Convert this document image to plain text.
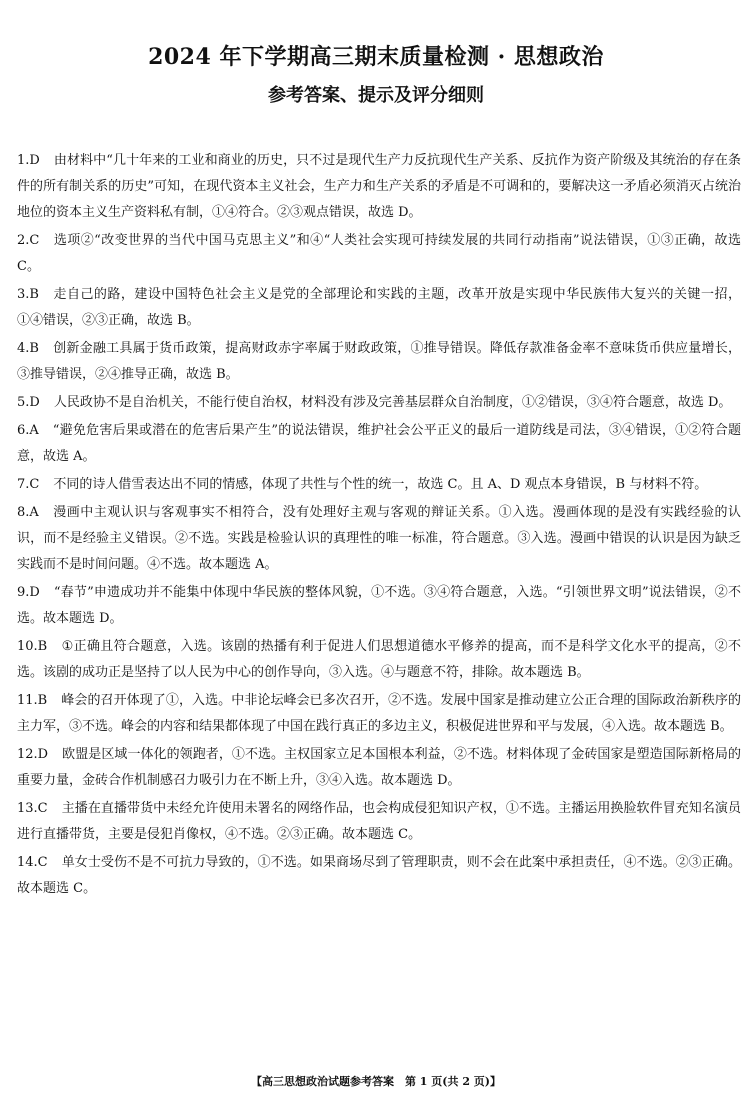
2024 年下学期高三期末质量检测 · 思想政治
参考答案、提示及评分细则
1.D 由材料中“几十年来的工业和商业的历史，只不过是现代生产力反抗现代生产关系、反抗作为资产阶级及其统治的存在条件的所有制关系的历史”可知，在现代资本主义社会，生产力和生产关系的矛盾是不可调和的，要解决这一矛盾必须消灭占统治地位的资本主义生产资料私有制，①④符合。②③观点错误，故选 D。
2.C 选项②“改变世界的当代中国马克思主义”和④“人类社会实现可持续发展的共同行动指南”说法错误，①③正确，故选 C。
3.B 走自己的路，建设中国特色社会主义是党的全部理论和实践的主题，改革开放是实现中华民族伟大复兴的关键一招，①④错误，②③正确，故选 B。
4.B 创新金融工具属于货币政策，提高财政赤字率属于财政政策，①推导错误。降低存款准备金率不意味货币供应量增长，③推导错误，②④推导正确，故选 B。
5.D 人民政协不是自治机关，不能行使自治权，材料没有涉及完善基层群众自治制度，①②错误，③④符合题意，故选 D。
6.A “避免危害后果或潜在的危害后果产生”的说法错误，维护社会公平正义的最后一道防线是司法，③④错误，①②符合题意，故选 A。
7.C 不同的诗人借雪表达出不同的情感，体现了共性与个性的统一，故选 C。且 A、D 观点本身错误，B 与材料不符。
8.A 漫画中主观认识与客观事实不相符合，没有处理好主观与客观的辩证关系。①入选。漫画体现的是没有实践经验的认识，而不是经验主义错误。②不选。实践是检验认识的真理性的唯一标准，符合题意。③入选。漫画中错误的认识是因为缺乏实践而不是时间问题。④不选。故本题选 A。
9.D “春节”申遗成功并不能集中体现中华民族的整体风貌，①不选。③④符合题意，入选。“引领世界文明”说法错误，②不选。故本题选 D。
10.B ①正确且符合题意，入选。该剧的热播有利于促进人们思想道德水平修养的提高，而不是科学文化水平的提高，②不选。该剧的成功正是坚持了以人民为中心的创作导向，③入选。④与题意不符，排除。故本题选 B。
11.B 峰会的召开体现了①，入选。中非论坛峰会已多次召开，②不选。发展中国家是推动建立公正合理的国际政治新秩序的主力军，③不选。峰会的内容和结果都体现了中国在践行真正的多边主义，积极促进世界和平与发展，④入选。故本题选 B。
12.D 欧盟是区域一体化的领跑者，①不选。主权国家立足本国根本利益，②不选。材料体现了金砖国家是塑造国际新格局的重要力量，金砖合作机制感召力吸引力在不断上升，③④入选。故本题选 D。
13.C 主播在直播带货中未经允许使用未署名的网络作品，也会构成侵犯知识产权，①不选。主播运用换脸软件冒充知名演员进行直播带货，主要是侵犯肖像权，④不选。②③正确。故本题选 C。
14.C 单女士受伤不是不可抗力导致的，①不选。如果商场尽到了管理职责，则不会在此案中承担责任，④不选。②③正确。故本题选 C。
【高三思想政治试题参考答案　第 1 页(共 2 页)】
